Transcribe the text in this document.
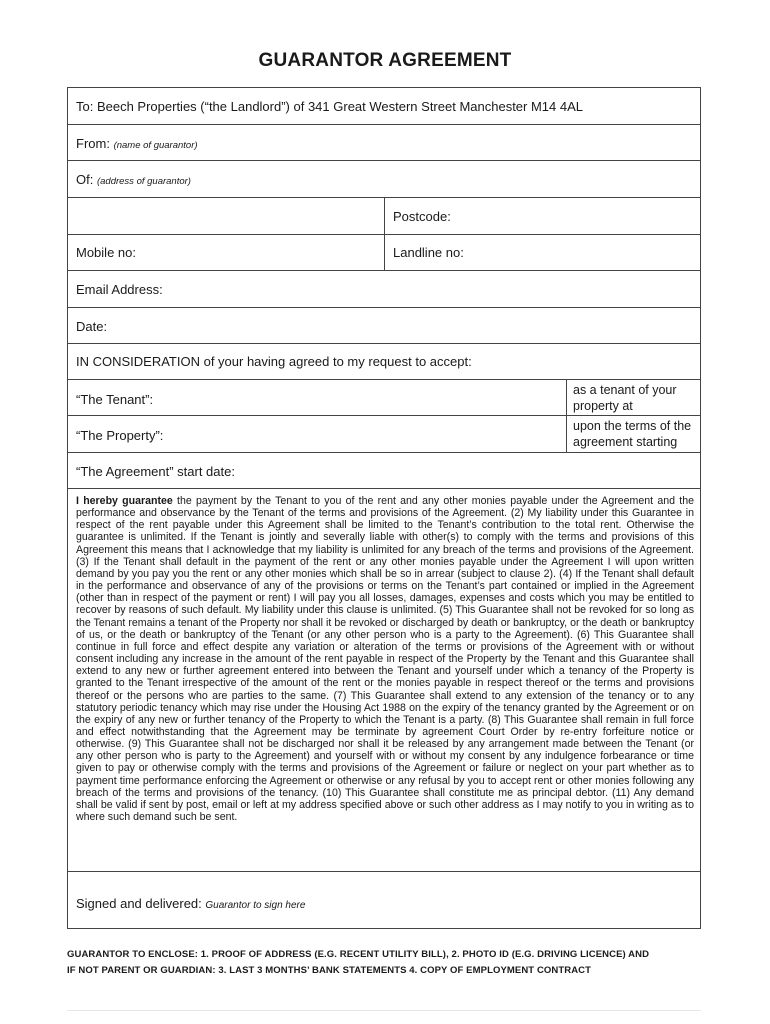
GUARANTOR AGREEMENT
To: Beech Properties (“the Landlord”) of 341 Great Western Street Manchester M14 4AL
From: (name of guarantor)
Of: (address of guarantor)
Postcode:
Mobile no:	Landline no:
Email Address:
Date:
IN CONSIDERATION of your having agreed to my request to accept:
“The Tenant”:
as a tenant of your
property at
“The Property”:
upon the terms of the
agreement starting
“The Agreement” start date:
I hereby guarantee the payment by the Tenant to you of the rent and any other monies payable under the Agreement and the performance and observance by the Tenant of the terms and provisions of the Agreement. (2) My liability under this Guarantee in respect of the rent payable under this Agreement shall be limited to the Tenant’s contribution to the total rent. Otherwise the guarantee is unlimited. If the Tenant is jointly and severally liable with other(s) to comply with the terms and provisions of this Agreement this means that I acknowledge that my liability is unlimited for any breach of the terms and provisions of the Agreement. (3) If the Tenant shall default in the payment of the rent or any other monies payable under the Agreement I will upon written demand by you pay you the rent or any other monies which shall be so in arrear (subject to clause 2). (4) If the Tenant shall default in the performance and observance of any of the provisions or terms on the Tenant’s part contained or implied in the Agreement (other than in respect of the payment or rent) I will pay you all losses, damages, expenses and costs which you may be entitled to recover by reasons of such default. My liability under this clause is unlimited. (5) This Guarantee shall not be revoked for so long as the Tenant remains a tenant of the Property nor shall it be revoked or discharged by death or bankruptcy, or the death or bankruptcy of us, or the death or bankruptcy of the Tenant (or any other person who is a party to the Agreement). (6) This Guarantee shall continue in full force and effect despite any variation or alteration of the terms or provisions of the Agreement with or without consent including any increase in the amount of the rent payable in respect of the Property by the Tenant and this Guarantee shall extend to any new or further agreement entered into between the Tenant and yourself under which a tenancy of the Property is granted to the Tenant irrespective of the amount of the rent or the monies payable in respect thereof or the terms and provisions thereof or the persons who are parties to the same. (7) This Guarantee shall extend to any extension of the tenancy or to any statutory periodic tenancy which may rise under the Housing Act 1988 on the expiry of the tenancy granted by the Agreement or on the expiry of any new or further tenancy of the Property to which the Tenant is a party. (8) This Guarantee shall remain in full force and effect notwithstanding that the Agreement may be terminate by agreement Court Order by re-entry forfeiture notice or otherwise. (9) This Guarantee shall not be discharged nor shall it be released by any arrangement made between the Tenant (or any other person who is party to the Agreement) and yourself with or without my consent by any indulgence forbearance or time given to pay or otherwise comply with the terms and provisions of the Agreement or failure or neglect on your part whether as to payment time performance enforcing the Agreement or otherwise or any refusal by you to accept rent or other monies following any breach of the terms and provisions of the tenancy. (10) This Guarantee shall constitute me as principal debtor. (11) Any demand shall be valid if sent by post, email or left at my address specified above or such other address as I may notify to you in writing as to where such demand such be sent.
Signed and delivered: Guarantor to sign here
GUARANTOR TO ENCLOSE: 1. PROOF OF ADDRESS (E.G. RECENT UTILITY BILL), 2. PHOTO ID (E.G. DRIVING LICENCE) AND
IF NOT PARENT OR GUARDIAN: 3. LAST 3 MONTHS’ BANK STATEMENTS 4. COPY OF EMPLOYMENT CONTRACT
